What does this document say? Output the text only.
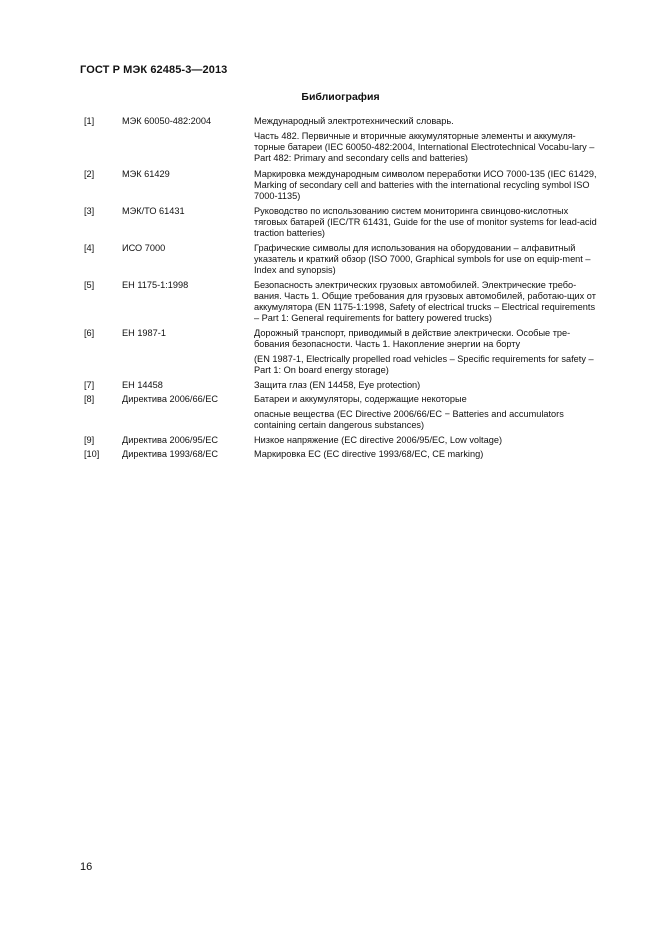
ГОСТ Р МЭК 62485-3—2013
Библиография
[1]	МЭК 60050-482:2004	Международный электротехнический словарь.

Часть 482. Первичные и вторичные аккумуляторные элементы и аккумуля-торные батареи (IEC 60050-482:2004, International Electrotechnical Vocabu-lary – Part 482: Primary and secondary cells and batteries)

[2]	МЭК 61429	Маркировка международным символом переработки ИСО 7000-135 (IEC 61429, Marking of secondary cell and batteries with the international recycling symbol ISO 7000-1135)

[3]	МЭК/ТО 61431	Руководство по использованию систем мониторинга свинцово-кислотных тяговых батарей (IEC/TR 61431, Guide for the use of monitor systems for lead-acid traction batteries)

[4]	ИСО 7000	Графические символы для использования на оборудовании – алфавитный указатель и краткий обзор (ISO 7000, Graphical symbols for use on equip-ment – Index and synopsis)

[5]	ЕН 1175-1:1998	Безопасность электрических грузовых автомобилей. Электрические требо-вания. Часть 1. Общие требования для грузовых автомобилей, работаю-щих от аккумулятора (EN 1175-1:1998, Safety of electrical trucks – Electrical requirements – Part 1: General requirements for battery powered trucks)

[6]	ЕН 1987-1	Дорожный транспорт, приводимый в действие электрически. Особые тре-бования безопасности. Часть 1. Накопление энергии на борту

(EN 1987-1, Electrically propelled road vehicles – Specific requirements for safety – Part 1: On board energy storage)

[7]	ЕН 14458	Защита глаз (EN 14458, Eye protection)

[8]	Директива 2006/66/ЕС	Батареи и аккумуляторы, содержащие некоторые

опасные вещества (EC Directive 2006/66/EC − Batteries and accumulators containing certain dangerous substances)

[9]	Директива 2006/95/ЕС	Низкое напряжение (EC directive 2006/95/EC, Low voltage)

[10] Директива 1993/68/ЕС	Маркировка ЕС (EC directive 1993/68/EC, CE marking)

16
